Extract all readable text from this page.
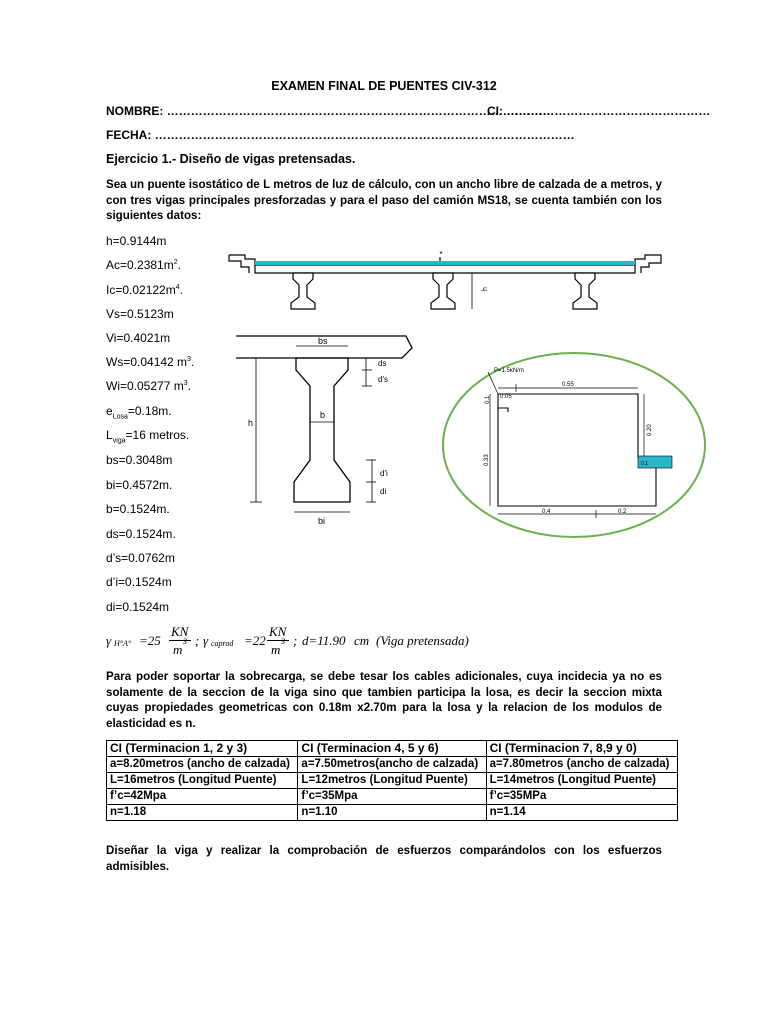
EXAMEN FINAL DE PUENTES CIV-312
NOMBRE: ……………………………………………………………………………………
CI: ……………………………………………
FECHA: ……………………………………………………………………………………………
Ejercicio 1.- Diseño de vigas pretensadas.
Sea un puente isostático de L metros de luz de cálculo, con un ancho libre de calzada de a metros, y con tres vigas principales presforzadas y para el paso del camión MS18, se cuenta también con los siguientes datos:
h=0.9144m
$Ac=0.2381m^2$.
$Ic=0.02122m^4$.
Vs=0.5123m
Vi=0.4021m
Ws=0.04142 $m^3$.
Wi=0.05277 $m^3$.
$e_{Losa}=0.18m$.
$L_{viga}=16$ metros.
bs=0.3048m
bi=0.4572m.
b=0.1524m.
ds=0.1524m.
d’s=0.0762m
d’i=0.1524m
di=0.1524m
γ H°A° =25
KN
m
3 ; γ caprod =22
KN
m
3 ; d=11.90 cm (Viga pretensada)
Para poder soportar la sobrecarga, se debe tesar los cables adicionales, cuya incidecia ya no es solamente de la seccion de la viga sino que tambien participa la losa, es decir la seccion mixta cuyas propiedades geometricas con 0.18m x2.70m para la losa y la relacion de los modulos de elasticidad es n.
CI (Terminacion 1, 2 y 3)	CI (Terminacion 4, 5 y 6)	CI (Terminacion 7, 8,9 y 0)
a=8.20metros (ancho de calzada)	a=7.50metros(ancho de calzada)	a=7.80metros (ancho de calzada)
L=16metros (Longitud Puente)	L=12metros (Longitud Puente)	L=14metros (Longitud Puente)
f’c=42Mpa	f’c=35Mpa	f’c=35MPa
n=1.18	n=1.10	n=1.14
Diseñar la viga y realizar la comprobación de esfuerzos comparándolos con los esfuerzos admisibles.
*
h
bs
ds
d's
b
h
d'i
di
bi
P=1.5kN/m
0.05
0.55
0.1
0.20
0.33
0.4	0.2
0.1
